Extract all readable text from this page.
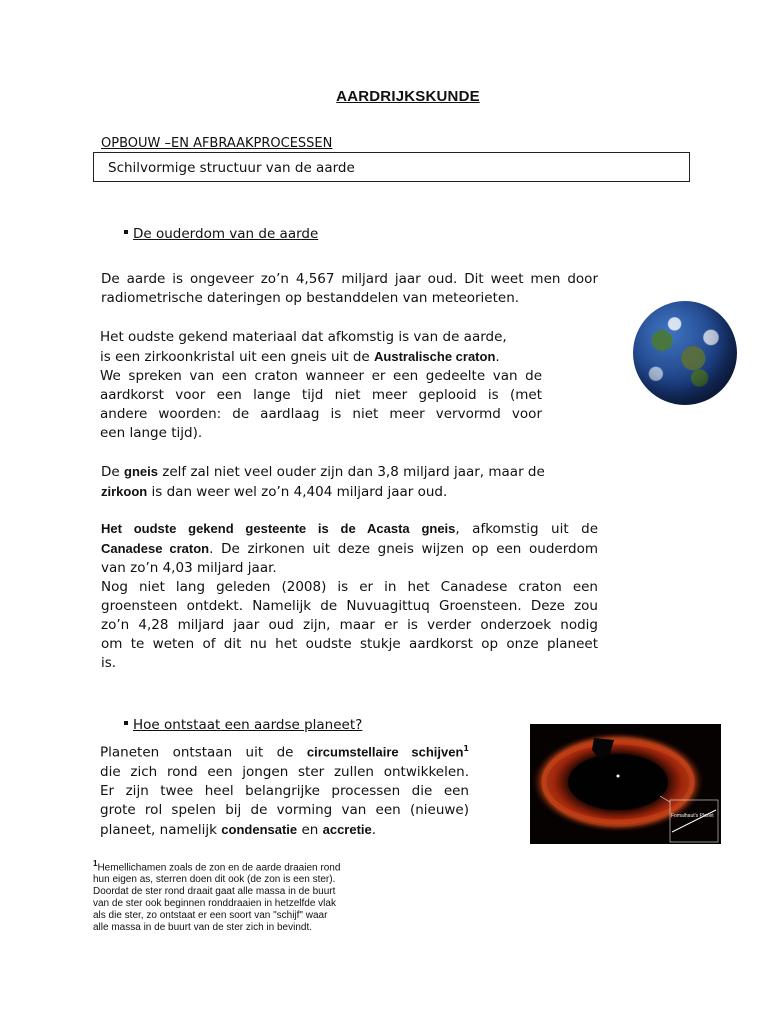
AARDRIJKSKUNDE
OPBOUW –EN AFBRAAKPROCESSEN
Schilvormige structuur van de aarde
De ouderdom van de aarde
De aarde is ongeveer zo’n 4,567 miljard jaar oud. Dit weet men door
radiometrische dateringen op bestanddelen van meteorieten.
Het oudste gekend materiaal dat afkomstig is van de aarde,
is een zirkoonkristal uit een gneis uit de Australische craton.
We spreken van een craton wanneer er een gedeelte van de
aardkorst voor een lange tijd niet meer geplooid is (met
andere woorden: de aardlaag is niet meer vervormd voor
een lange tijd).
De gneis zelf zal niet veel ouder zijn dan 3,8 miljard jaar, maar de
zirkoon is dan weer wel zo’n 4,404 miljard jaar oud.
Het oudste gekend gesteente is de Acasta gneis, afkomstig uit de
Canadese craton. De zirkonen uit deze gneis wijzen op een ouderdom
van zo’n 4,03 miljard jaar.
Nog niet lang geleden (2008) is er in het Canadese craton een
groensteen ontdekt. Namelijk de Nuvuagittuq Groensteen. Deze zou
zo’n 4,28 miljard jaar oud zijn, maar er is verder onderzoek nodig
om te weten of dit nu het oudste stukje aardkorst op onze planeet
is.
Hoe ontstaat een aardse planeet?
Planeten ontstaan uit de circumstellaire schijven$^1$
die zich rond een jongen ster zullen ontwikkelen.
Er zijn twee heel belangrijke processen die een
grote rol spelen bij de vorming van een (nieuwe)
planeet, namelijk condensatie en accretie.
Fomalhaut's Planet
$^1$Hemellichamen zoals de zon en de aarde draaien rond
hun eigen as, sterren doen dit ook (de zon is een ster).
Doordat de ster rond draait gaat alle massa in de buurt
van de ster ook beginnen ronddraaien in hetzelfde vlak
als die ster, zo ontstaat er een soort van "schijf" waar
alle massa in de buurt van de ster zich in bevindt.
